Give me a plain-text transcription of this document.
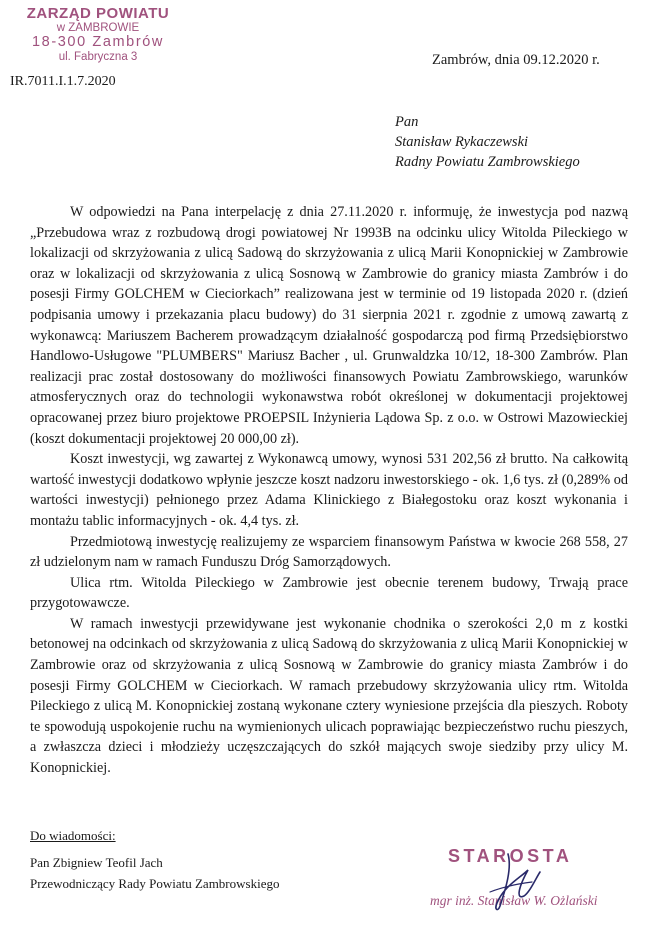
ZARZĄD POWIATU
w ZAMBROWIE
18-300 Zambrów
ul. Fabryczna 3
IR.7011.I.1.7.2020
Zambrów, dnia 09.12.2020 r.
Pan
Stanisław Rykaczewski
Radny Powiatu Zambrowskiego

W odpowiedzi na Pana interpelację z dnia 27.11.2020 r. informuję, że inwestycja pod nazwą „Przebudowa wraz z rozbudową drogi powiatowej Nr 1993B na odcinku ulicy Witolda Pileckiego w lokalizacji od skrzyżowania z ulicą Sadową do skrzyżowania z ulicą Marii Konopnickiej w Zambrowie oraz w lokalizacji od skrzyżowania z ulicą Sosnową w Zambrowie do granicy miasta Zambrów i do posesji Firmy GOLCHEM w Cieciorkach” realizowana jest w terminie od 19 listopada 2020 r. (dzień podpisania umowy i przekazania placu budowy) do 31 sierpnia 2021 r. zgodnie z umową zawartą z wykonawcą: Mariuszem Bacherem prowadzącym działalność gospodarczą pod firmą Przedsiębiorstwo Handlowo-Usługowe "PLUMBERS" Mariusz Bacher , ul. Grunwaldzka 10/12, 18-300 Zambrów. Plan realizacji prac został dostosowany do możliwości finansowych Powiatu Zambrowskiego, warunków atmosferycznych oraz do technologii wykonawstwa robót określonej w dokumentacji projektowej opracowanej przez biuro projektowe PROEPSIL Inżynieria Lądowa Sp. z o.o. w Ostrowi Mazowieckiej (koszt dokumentacji projektowej 20 000,00 zł).

Koszt inwestycji, wg zawartej z Wykonawcą umowy, wynosi 531 202,56 zł brutto. Na całkowitą wartość inwestycji dodatkowo wpłynie jeszcze koszt nadzoru inwestorskiego - ok. 1,6 tys. zł (0,289% od wartości inwestycji) pełnionego przez Adama Klinickiego z Białegostoku oraz koszt wykonania i montażu tablic informacyjnych - ok. 4,4 tys. zł.

Przedmiotową inwestycję realizujemy ze wsparciem finansowym Państwa w kwocie 268 558, 27 zł udzielonym nam w ramach Funduszu Dróg Samorządowych.

Ulica rtm. Witolda Pileckiego w Zambrowie jest obecnie terenem budowy, Trwają prace przygotowawcze.

W ramach inwestycji przewidywane jest wykonanie chodnika o szerokości 2,0 m z kostki betonowej na odcinkach od skrzyżowania z ulicą Sadową do skrzyżowania z ulicą Marii Konopnickiej w Zambrowie oraz od skrzyżowania z ulicą Sosnową w Zambrowie do granicy miasta Zambrów i do posesji Firmy GOLCHEM w Cieciorkach. W ramach przebudowy skrzyżowania ulicy rtm. Witolda Pileckiego z ulicą M. Konopnickiej zostaną wykonane cztery wyniesione przejścia dla pieszych. Roboty te spowodują uspokojenie ruchu na wymienionych ulicach poprawiając bezpieczeństwo ruchu pieszych, a zwłaszcza dzieci i młodzieży uczęszczających do szkół mających swoje siedziby przy ulicy M. Konopnickiej.

Do wiadomości:
Pan Zbigniew Teofil Jach
Przewodniczący Rady Powiatu Zambrowskiego
STAROSTA
mgr inż. Stanisław W. Ożlański
